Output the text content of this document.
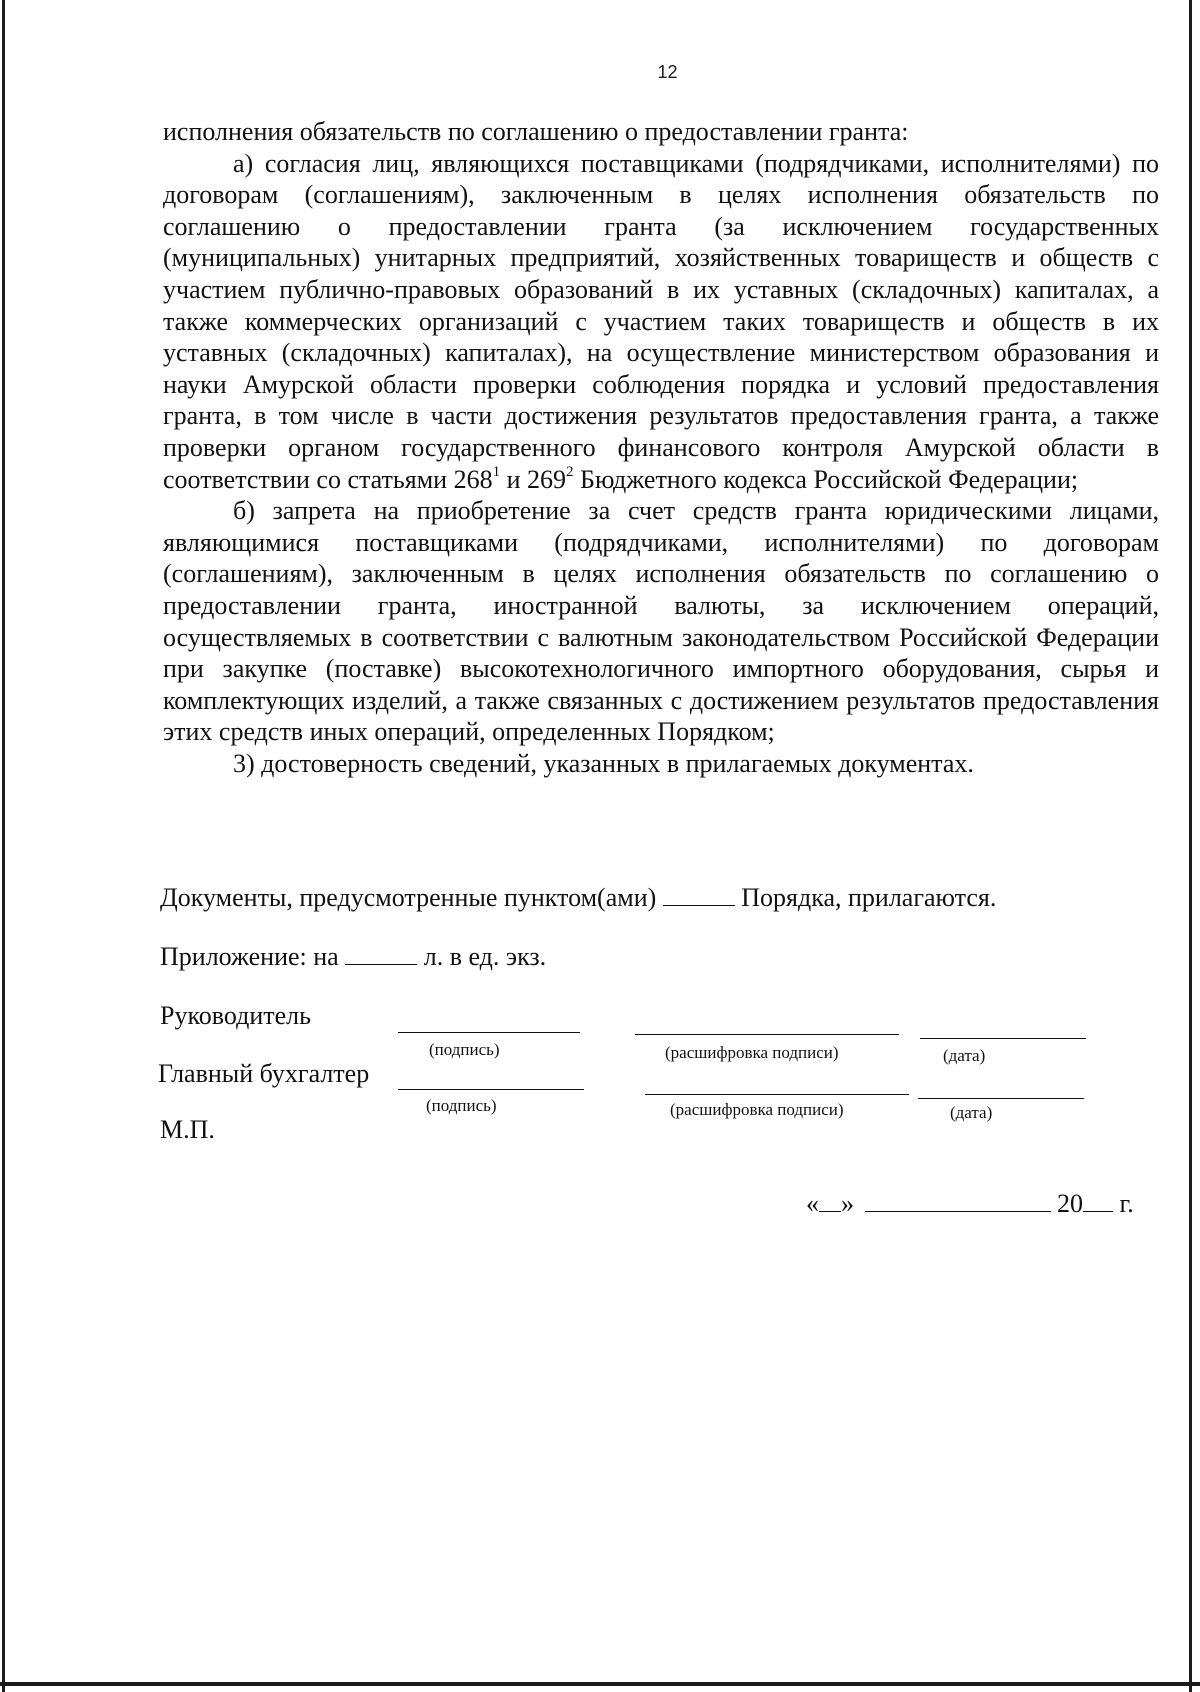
12

исполнения обязательств по соглашению о предоставлении гранта:

а) согласия лиц, являющихся поставщиками (подрядчиками, исполнителями) по договорам (соглашениям), заключенным в целях исполнения обязательств по соглашению о предоставлении гранта (за исключением государственных (муниципальных) унитарных предприятий, хозяйственных товариществ и обществ с участием публично-правовых образований в их уставных (складочных) капиталах, а также коммерческих организаций с участием таких товариществ и обществ в их уставных (складочных) капиталах), на осуществление министерством образования и науки Амурской области проверки соблюдения порядка и условий предоставления гранта, в том числе в части достижения результатов предоставления гранта, а также проверки органом государственного финансового контроля Амурской области в соответствии со статьями $268^1$ и $269^2$ Бюджетного кодекса Российской Федерации;

б) запрета на приобретение за счет средств гранта юридическими лицами, являющимися поставщиками (подрядчиками, исполнителями) по договорам (соглашениям), заключенным в целях исполнения обязательств по соглашению о предоставлении гранта, иностранной валюты, за исключением операций, осуществляемых в соответствии с валютным законодательством Российской Федерации при закупке (поставке) высокотехнологичного импортного оборудования, сырья и комплектующих изделий, а также связанных с достижением результатов предоставления этих средств иных операций, определенных Порядком;

3) достоверность сведений, указанных в прилагаемых документах.

Документы, предусмотренные пунктом(ами)	Порядка, прилагаются.
Приложение: на	л. в ед. экз.
Руководитель
(подпись)	(расшифровка подписи)	(дата)
Главный бухгалтер
(подпись)	(расшифровка подписи)	(дата)
М.П.
« »	20 г.
